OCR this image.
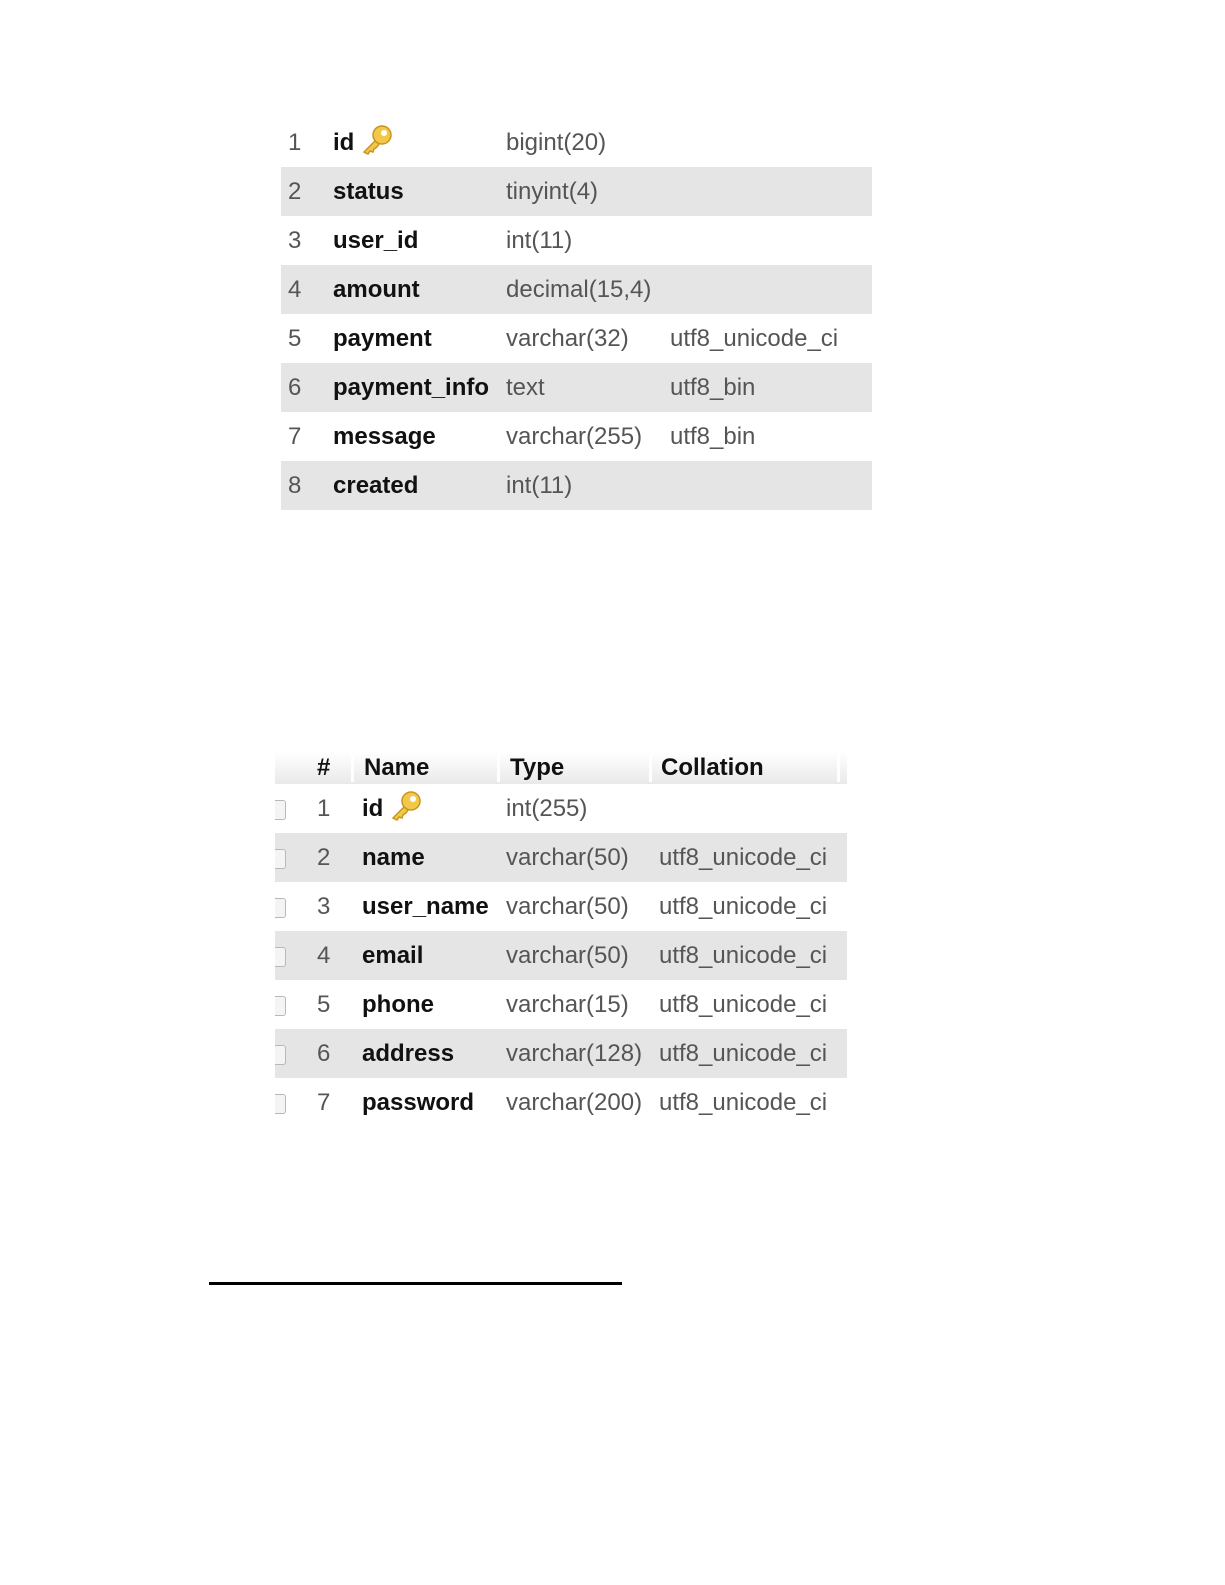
1 id	bigint(20)
2 status	tinyint(4)
3 user_id	int(11)
4 amount	decimal(15,4)
5 payment	varchar(32) utf8_unicode_ci
6 payment_info text	utf8_bin
7 message	varchar(255) utf8_bin
8 created	int(11)
# Name	Type	Collation
1 id	int(255)
2 name	varchar(50) utf8_unicode_ci
3 user_name varchar(50) utf8_unicode_ci
4 email	varchar(50) utf8_unicode_ci
5 phone	varchar(15) utf8_unicode_ci
6 address varchar(128) utf8_unicode_ci
7 password varchar(200) utf8_unicode_ci
